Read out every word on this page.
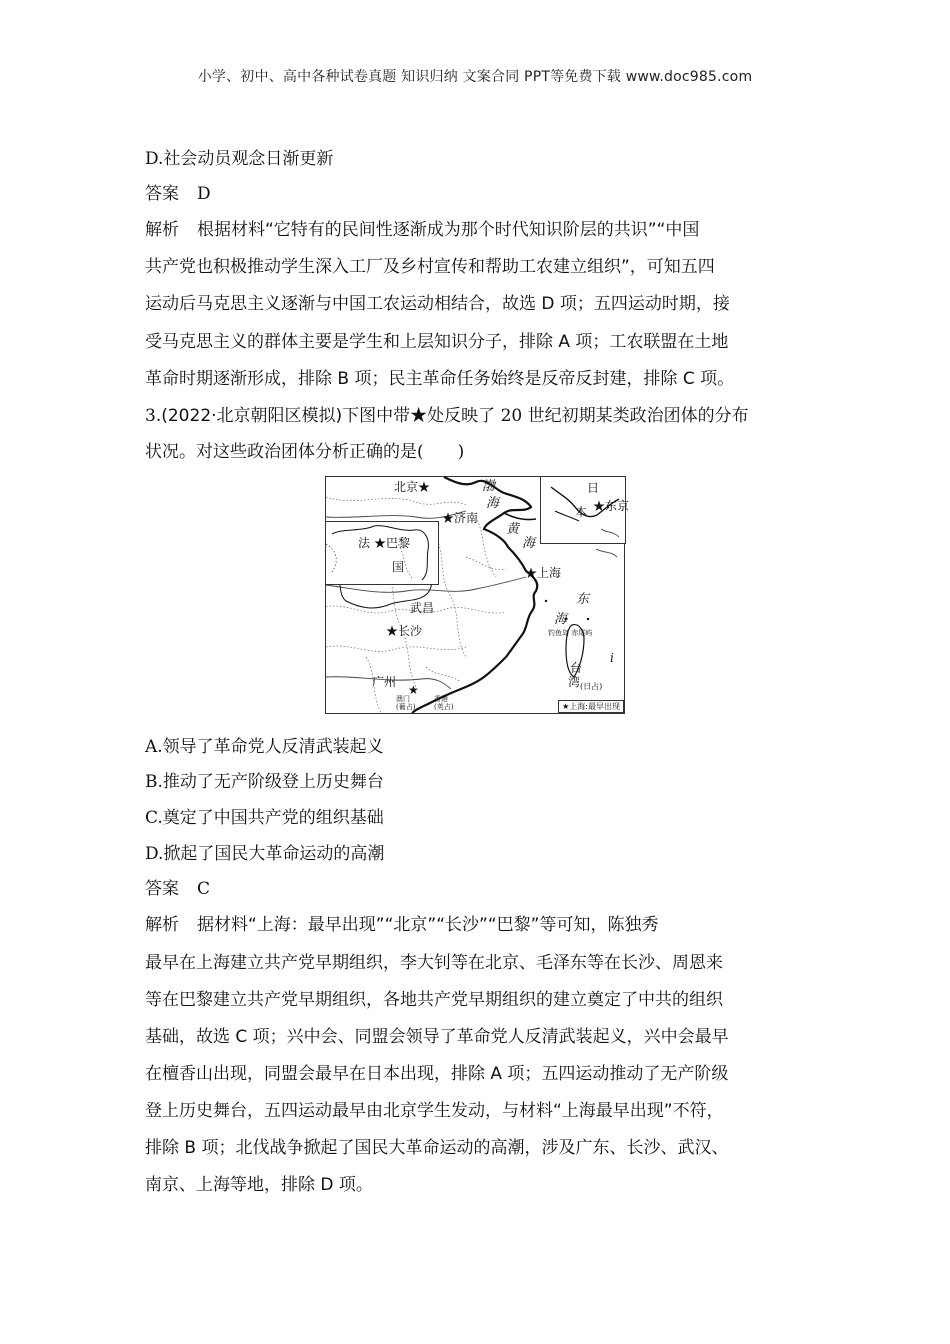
小学、初中、高中各种试卷真题 知识归纳 文案合同 PPT等免费下载 www.doc985.com
D.社会动员观念日渐更新
答案 D
解析 根据材料“它特有的民间性逐渐成为那个时代知识阶层的共识”“中国
共产党也积极推动学生深入工厂及乡村宣传和帮助工农建立组织”，可知五四
运动后马克思主义逐渐与中国工农运动相结合，故选 D 项；五四运动时期，接
受马克思主义的群体主要是学生和上层知识分子，排除 A 项；工农联盟在土地
革命时期逐渐形成，排除 B 项；民主革命任务始终是反帝反封建，排除 C 项。
3.(2022·北京朝阳区模拟)下图中带★处反映了 20 世纪初期某类政治团体的分布
状况。对这些政治团体分析正确的是(　　)
日
本 ★东京
法 ★巴黎
国
北京★	渤
海
★济南
黄
海
★上海
武昌
★长沙
东
海
钓鱼岛 赤尾屿
i
台
湾 (日占)
广州
★
澳门
(葡占)
香港
(英占)	★上海:最早出现
A.领导了革命党人反清武装起义
B.推动了无产阶级登上历史舞台
C.奠定了中国共产党的组织基础
D.掀起了国民大革命运动的高潮
答案 C
解析 据材料“上海：最早出现”“北京”“长沙”“巴黎”等可知，陈独秀
最早在上海建立共产党早期组织，李大钊等在北京、毛泽东等在长沙、周恩来
等在巴黎建立共产党早期组织，各地共产党早期组织的建立奠定了中共的组织
基础，故选 C 项；兴中会、同盟会领导了革命党人反清武装起义，兴中会最早
在檀香山出现，同盟会最早在日本出现，排除 A 项；五四运动推动了无产阶级
登上历史舞台，五四运动最早由北京学生发动，与材料“上海最早出现”不符，
排除 B 项；北伐战争掀起了国民大革命运动的高潮，涉及广东、长沙、武汉、
南京、上海等地，排除 D 项。
